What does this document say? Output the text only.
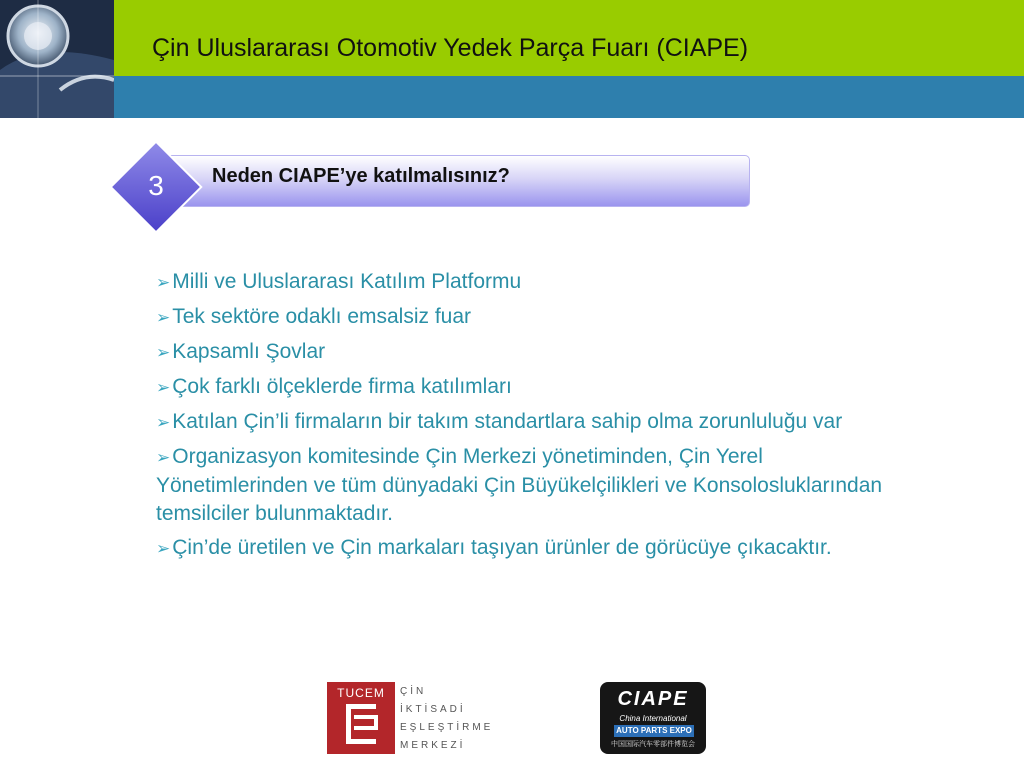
Çin Uluslararası Otomotiv Yedek Parça Fuarı (CIAPE)
Neden CIAPE’ye katılmalısınız?
3
➢Milli ve Uluslararası Katılım Platformu
➢Tek sektöre odaklı emsalsiz fuar
➢Kapsamlı Şovlar
➢Çok farklı ölçeklerde firma katılımları
➢Katılan Çin’li firmaların bir takım standartlara sahip olma zorunluluğu var
➢Organizasyon komitesinde Çin Merkezi yönetiminden, Çin Yerel Yönetimlerinden ve tüm dünyadaki Çin Büyükelçilikleri ve Konsolosluklarından temsilciler bulunmaktadır.
➢Çin’de üretilen ve Çin markaları taşıyan ürünler de görücüye çıkacaktır.
TUCEM	ÇİN
İKTİSADİ
EŞLEŞTİRME
MERKEZİ
CIAPE
China International
AUTO PARTS EXPO
中国国际汽车零部件博览会
